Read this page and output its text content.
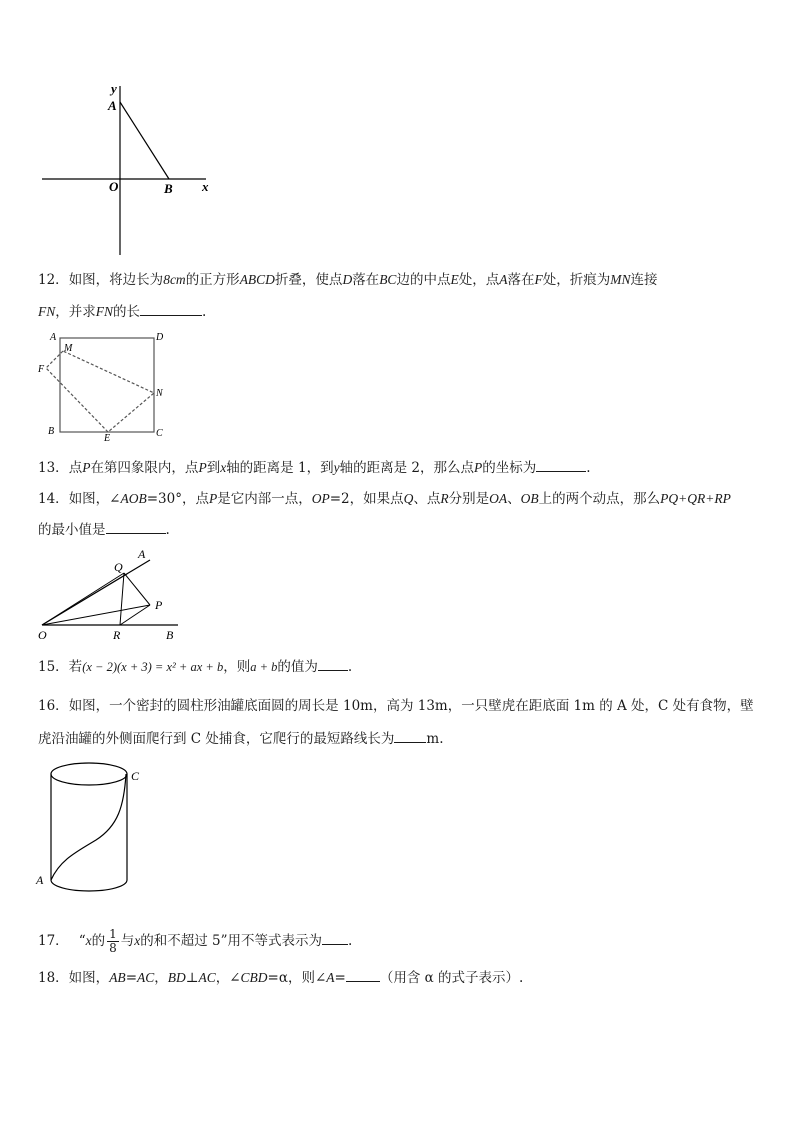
y
A
O	B x
12．如图，将边长为8cm的正方形ABCD折叠，使点D落在BC边的中点E处，点A落在F处，折痕为MN连接
FN，并求FN的长	.
A
M
D
F
N
B
E	C
13．点P在第四象限内，点P到x轴的距离是 1，到y轴的距离是 2，那么点P的坐标为	.
14．如图，∠AOB=30°，点P是它内部一点，OP=2，如果点Q、点R分别是OA、OB上的两个动点，那么PQ+QR+RP
的最小值是	.
A
Q
P
O	R	B
15．若(x − 2)(x + 3) = x² + ax + b，则a + b的值为 .
16．如图，一个密封的圆柱形油罐底面圆的周长是 10m，高为 13m，一只壁虎在距底面 1m 的 A 处，C 处有食物，壁
虎沿油罐的外侧面爬行到 C 处捕食，它爬行的最短路线长为 m.
C
A
17． “x的 $\frac{1}{8}$ 与x的和不超过 5”用不等式表示为 .
18．如图，AB=AC，BD⊥AC，∠CBD=α，则∠A=	（用含 α 的式子表示）.
